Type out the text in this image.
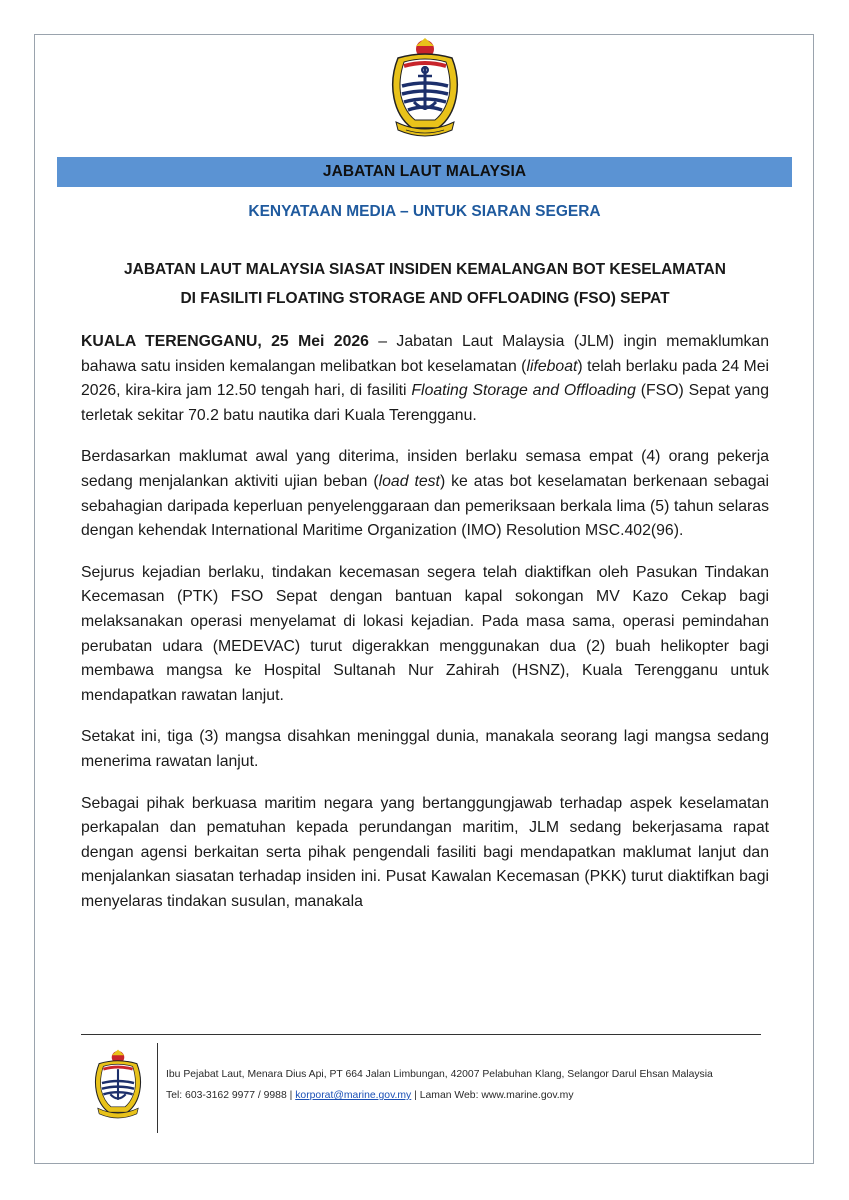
JABATAN LAUT MALAYSIA
KENYATAAN MEDIA – UNTUK SIARAN SEGERA
JABATAN LAUT MALAYSIA SIASAT INSIDEN KEMALANGAN BOT KESELAMATAN
DI FASILITI FLOATING STORAGE AND OFFLOADING (FSO) SEPAT

KUALA TERENGGANU, 25 Mei 2026 – Jabatan Laut Malaysia (JLM) ingin memaklumkan bahawa satu insiden kemalangan melibatkan bot keselamatan (lifeboat) telah berlaku pada 24 Mei 2026, kira-kira jam 12.50 tengah hari, di fasiliti Floating Storage and Offloading (FSO) Sepat yang terletak sekitar 70.2 batu nautika dari Kuala Terengganu.

Berdasarkan maklumat awal yang diterima, insiden berlaku semasa empat (4) orang pekerja sedang menjalankan aktiviti ujian beban (load test) ke atas bot keselamatan berkenaan sebagai sebahagian daripada keperluan penyelenggaraan dan pemeriksaan berkala lima (5) tahun selaras dengan kehendak International Maritime Organization (IMO) Resolution MSC.402(96).

Sejurus kejadian berlaku, tindakan kecemasan segera telah diaktifkan oleh Pasukan Tindakan Kecemasan (PTK) FSO Sepat dengan bantuan kapal sokongan MV Kazo Cekap bagi melaksanakan operasi menyelamat di lokasi kejadian. Pada masa sama, operasi pemindahan perubatan udara (MEDEVAC) turut digerakkan menggunakan dua (2) buah helikopter bagi membawa mangsa ke Hospital Sultanah Nur Zahirah (HSNZ), Kuala Terengganu untuk mendapatkan rawatan lanjut.

Setakat ini, tiga (3) mangsa disahkan meninggal dunia, manakala seorang lagi mangsa sedang menerima rawatan lanjut.

Sebagai pihak berkuasa maritim negara yang bertanggungjawab terhadap aspek keselamatan perkapalan dan pematuhan kepada perundangan maritim, JLM sedang bekerjasama rapat dengan agensi berkaitan serta pihak pengendali fasiliti bagi mendapatkan maklumat lanjut dan menjalankan siasatan terhadap insiden ini. Pusat Kawalan Kecemasan (PKK) turut diaktifkan bagi menyelaras tindakan susulan, manakala

Ibu Pejabat Laut, Menara Dius Api, PT 664 Jalan Limbungan, 42007 Pelabuhan Klang, Selangor Darul Ehsan Malaysia
Tel: 603-3162 9977 / 9988 | korporat@marine.gov.my | Laman Web: www.marine.gov.my
